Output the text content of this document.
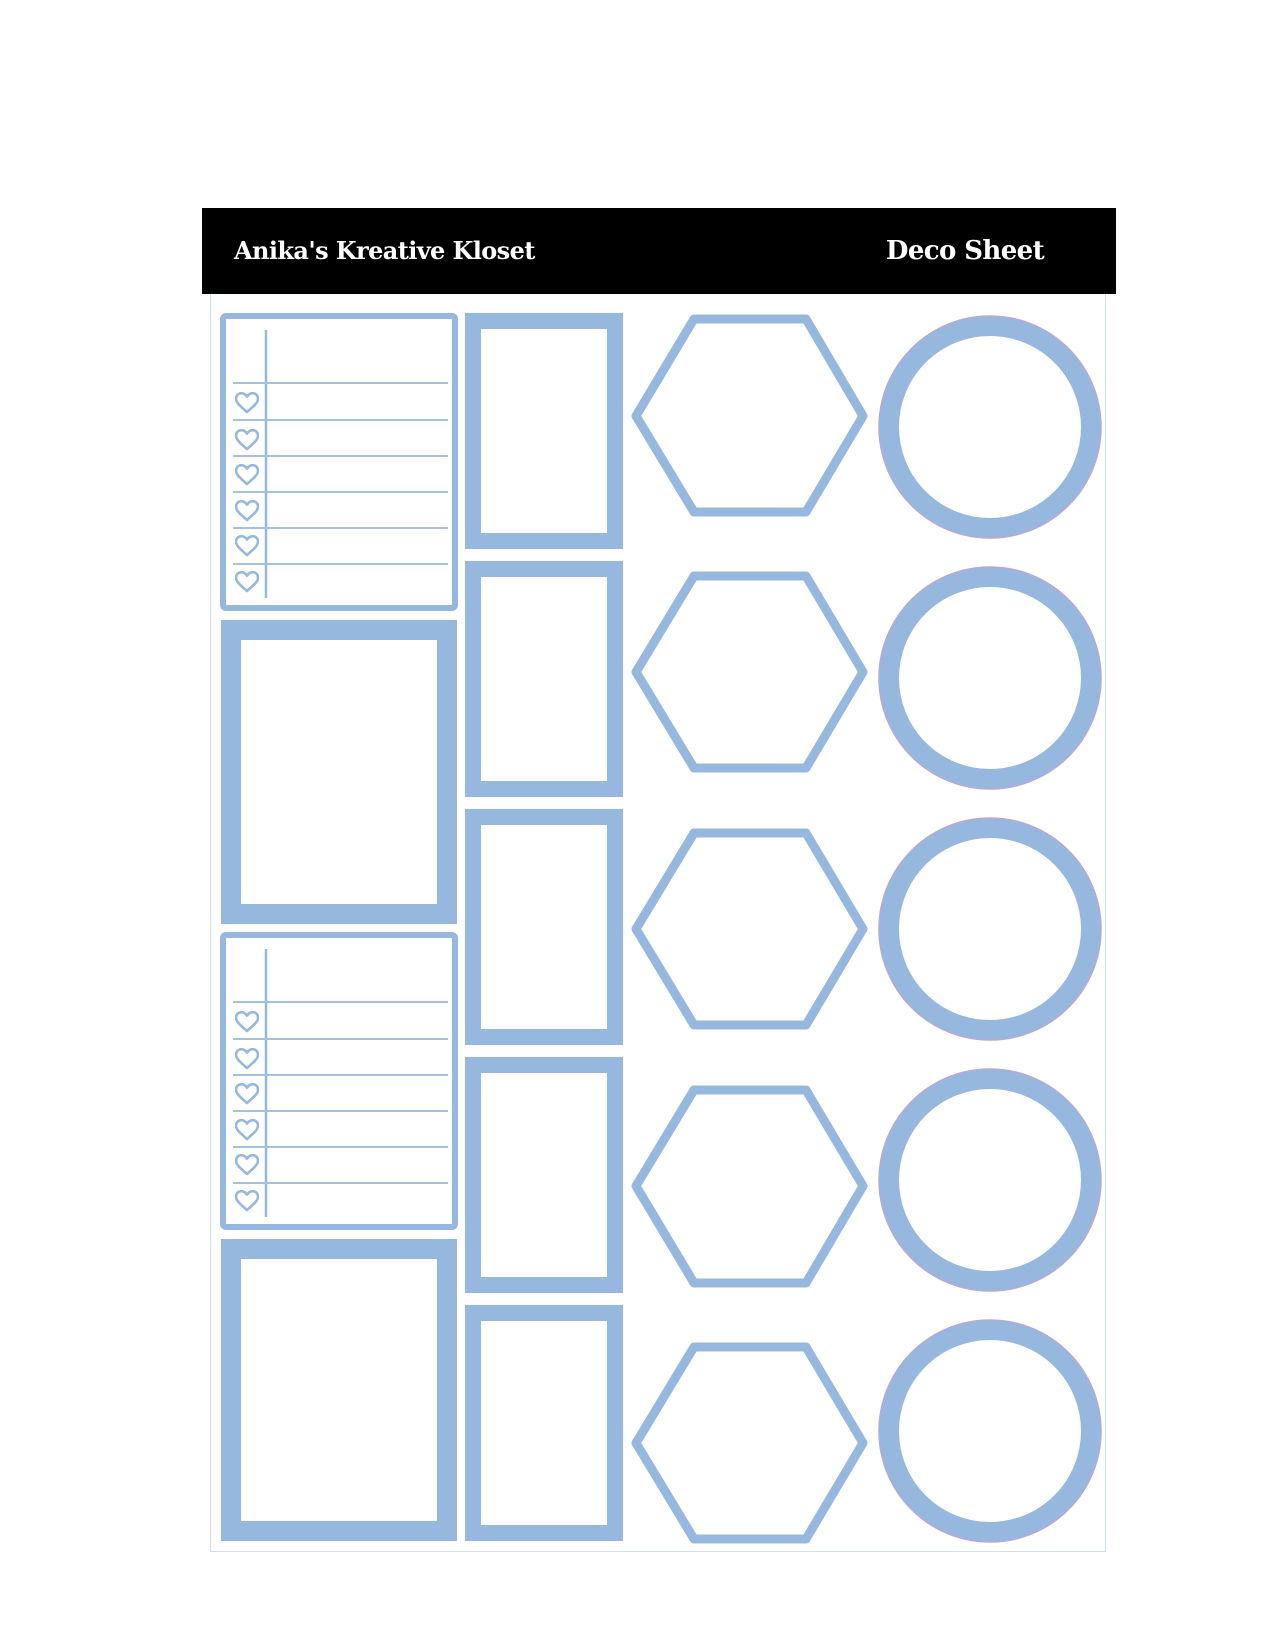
Anika's Kreative Kloset	Deco Sheet
